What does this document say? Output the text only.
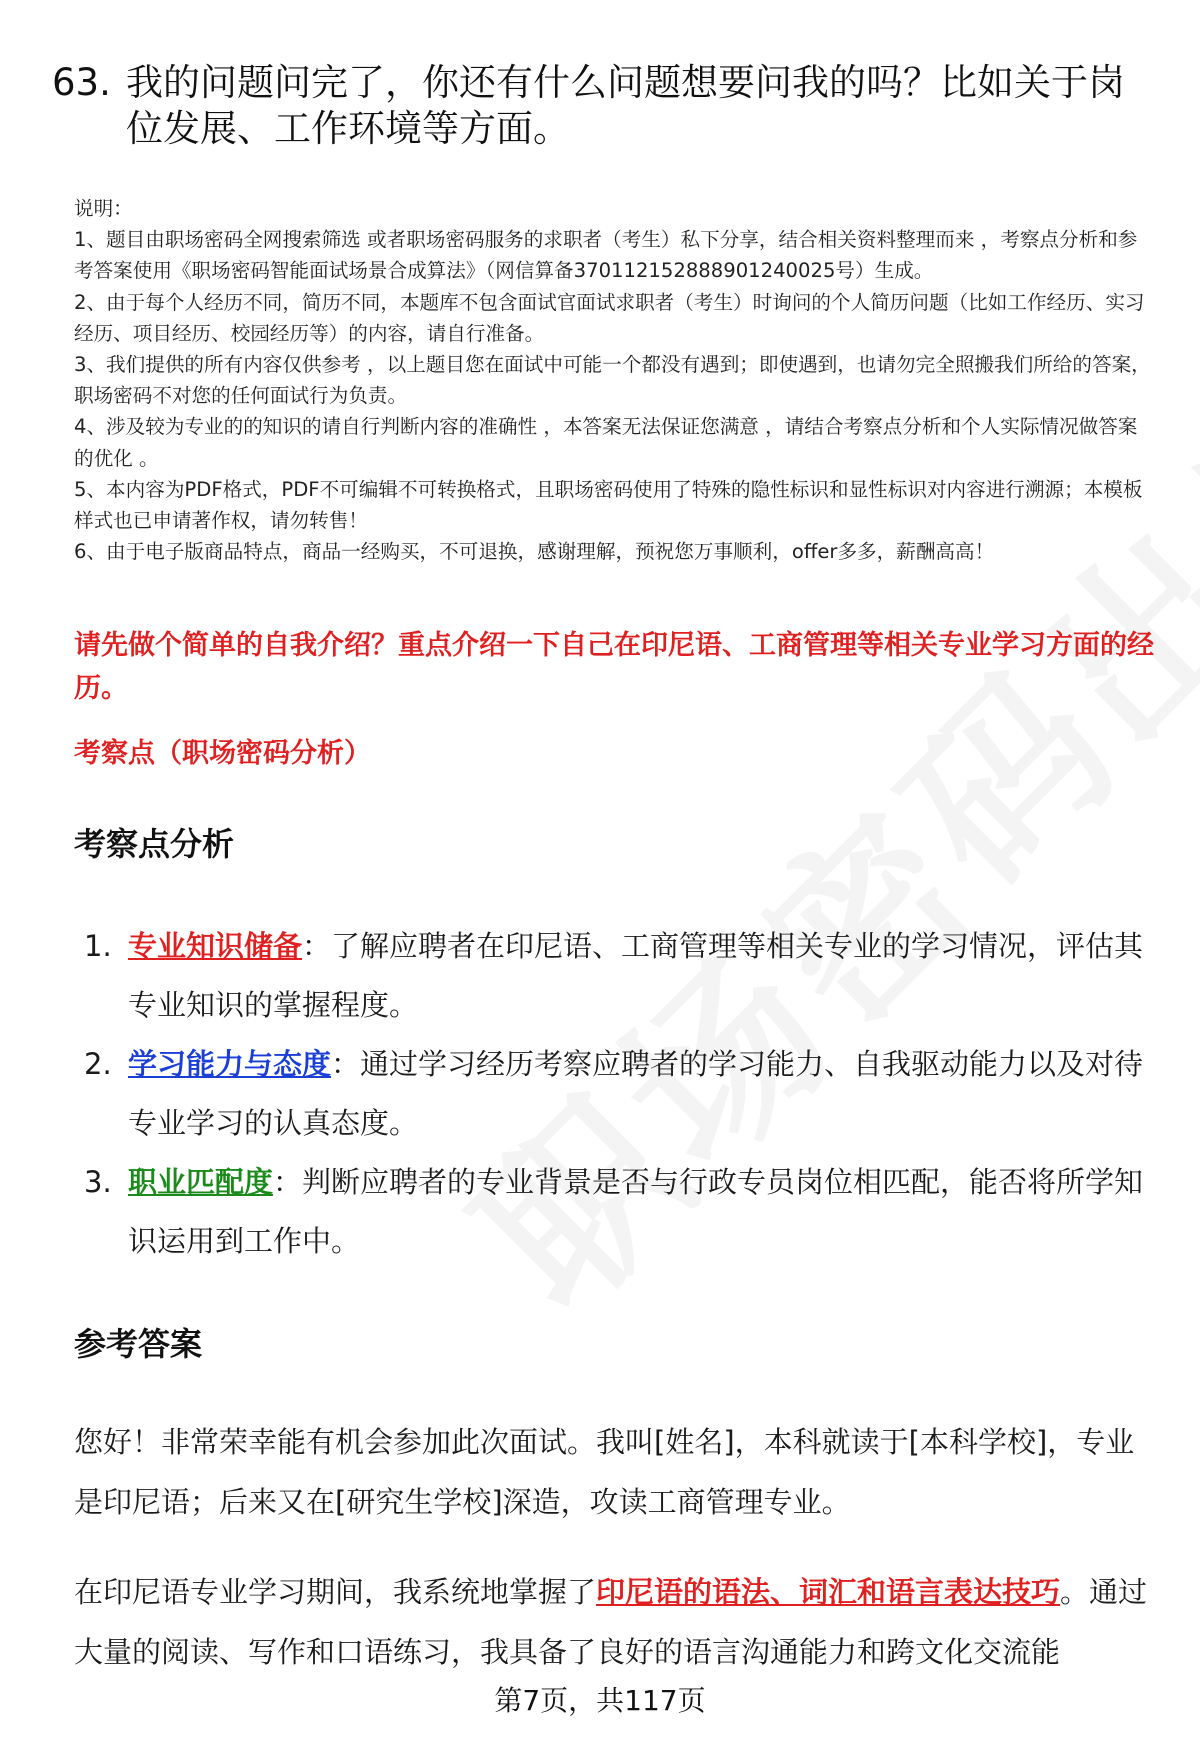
63. 我的问题问完了，你还有什么问题想要问我的吗？比如关于岗位发展、工作环境等方面。

说明：

1、题目由职场密码全网搜索筛选 或者职场密码服务的求职者（考生）私下分享，结合相关资料整理而来 ，考察点分析和参考答案使用《职场密码智能面试场景合成算法》（网信算备370112152888901240025号）生成。

2、由于每个人经历不同，简历不同，本题库不包含面试官面试求职者（考生）时询问的个人简历问题（比如工作经历、实习经历、项目经历、校园经历等）的内容，请自行准备。

3、我们提供的所有内容仅供参考 ，以上题目您在面试中可能一个都没有遇到；即使遇到，也请勿完全照搬我们所给的答案，职场密码不对您的任何面试行为负责。

4、涉及较为专业的的知识的请自行判断内容的准确性 ，本答案无法保证您满意 ，请结合考察点分析和个人实际情况做答案的优化 。

5、本内容为PDF格式，PDF不可编辑不可转换格式，且职场密码使用了特殊的隐性标识和显性标识对内容进行溯源；本模板样式也已申请著作权，请勿转售！

6、由于电子版商品特点，商品一经购买，不可退换，感谢理解，预祝您万事顺利，offer多多，薪酬高高！

请先做个简单的自我介绍？重点介绍一下自己在印尼语、工商管理等相关专业学习方面的经历。
考察点（职场密码分析）
考察点分析
1. 专业知识储备：了解应聘者在印尼语、工商管理等相关专业的学习情况，评估其专业知识的掌握程度。
2. 学习能力与态度：通过学习经历考察应聘者的学习能力、自我驱动能力以及对待专业学习的认真态度。
3. 职业匹配度：判断应聘者的专业背景是否与行政专员岗位相匹配，能否将所学知识运用到工作中。
参考答案

您好！非常荣幸能有机会参加此次面试。我叫[姓名]，本科就读于[本科学校]，专业是印尼语；后来又在[研究生学校]深造，攻读工商管理专业。

在印尼语专业学习期间，我系统地掌握了印尼语的语法、词汇和语言表达技巧。通过大量的阅读、写作和口语练习，我具备了良好的语言沟通能力和跨文化交流能

第7页，共117页
